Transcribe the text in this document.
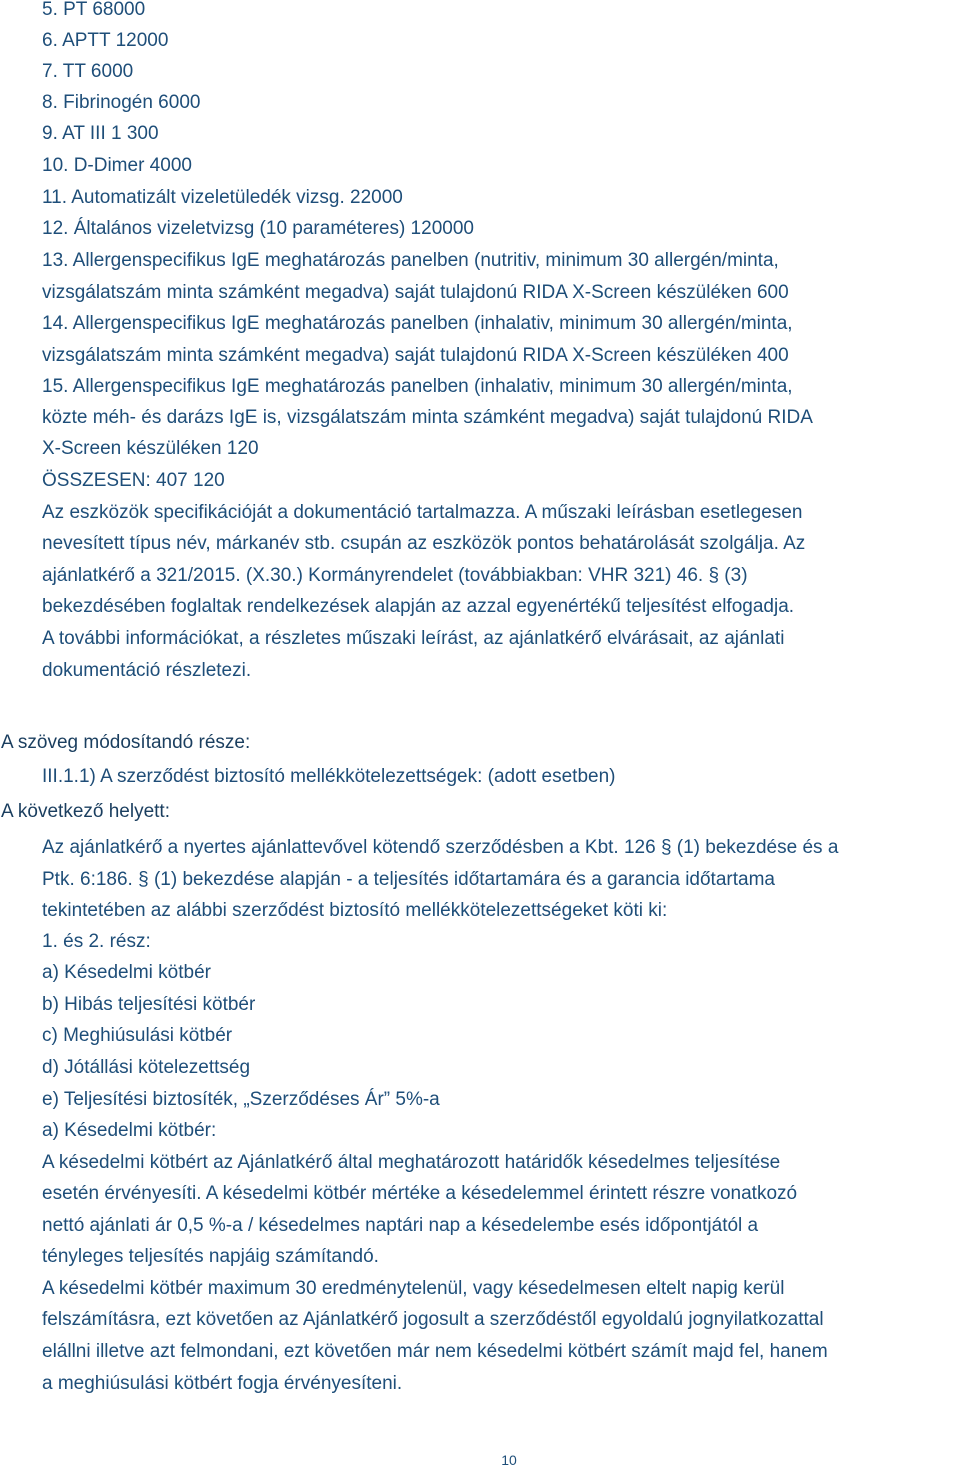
5. PT 68000
6. APTT 12000
7. TT 6000
8. Fibrinogén 6000
9. AT III 1 300
10. D-Dimer 4000
11. Automatizált vizeletüledék vizsg. 22000
12. Általános vizeletvizsg (10 paraméteres) 120000
13. Allergenspecifikus IgE meghatározás panelben (nutritiv, minimum 30 allergén/minta,
vizsgálatszám minta számként megadva) saját tulajdonú RIDA X-Screen készüléken 600
14. Allergenspecifikus IgE meghatározás panelben (inhalativ, minimum 30 allergén/minta,
vizsgálatszám minta számként megadva) saját tulajdonú RIDA X-Screen készüléken 400
15. Allergenspecifikus IgE meghatározás panelben (inhalativ, minimum 30 allergén/minta,
közte méh- és darázs IgE is, vizsgálatszám minta számként megadva) saját tulajdonú RIDA
X-Screen készüléken 120
ÖSSZESEN: 407 120
Az eszközök specifikációját a dokumentáció tartalmazza. A műszaki leírásban esetlegesen
nevesített típus név, márkanév stb. csupán az eszközök pontos behatárolását szolgálja. Az
ajánlatkérő a 321/2015. (X.30.) Kormányrendelet (továbbiakban: VHR 321) 46. § (3)
bekezdésében foglaltak rendelkezések alapján az azzal egyenértékű teljesítést elfogadja.
A további információkat, a részletes műszaki leírást, az ajánlatkérő elvárásait, az ajánlati
dokumentáció részletezi.
A szöveg módosítandó része:
III.1.1) A szerződést biztosító mellékkötelezettségek: (adott esetben)
A következő helyett:
Az ajánlatkérő a nyertes ajánlattevővel kötendő szerződésben a Kbt. 126 § (1) bekezdése és a
Ptk. 6:186. § (1) bekezdése alapján - a teljesítés időtartamára és a garancia időtartama
tekintetében az alábbi szerződést biztosító mellékkötelezettségeket köti ki:
1. és 2. rész:
a) Késedelmi kötbér
b) Hibás teljesítési kötbér
c) Meghiúsulási kötbér
d) Jótállási kötelezettség
e) Teljesítési biztosíték, „Szerződéses Ár” 5%-a
a) Késedelmi kötbér:
A késedelmi kötbért az Ajánlatkérő által meghatározott határidők késedelmes teljesítése
esetén érvényesíti. A késedelmi kötbér mértéke a késedelemmel érintett részre vonatkozó
nettó ajánlati ár 0,5 %-a / késedelmes naptári nap a késedelembe esés időpontjától a
tényleges teljesítés napjáig számítandó.
A késedelmi kötbér maximum 30 eredménytelenül, vagy késedelmesen eltelt napig kerül
felszámításra, ezt követően az Ajánlatkérő jogosult a szerződéstől egyoldalú jognyilatkozattal
elállni illetve azt felmondani, ezt követően már nem késedelmi kötbért számít majd fel, hanem
a meghiúsulási kötbért fogja érvényesíteni.
10
